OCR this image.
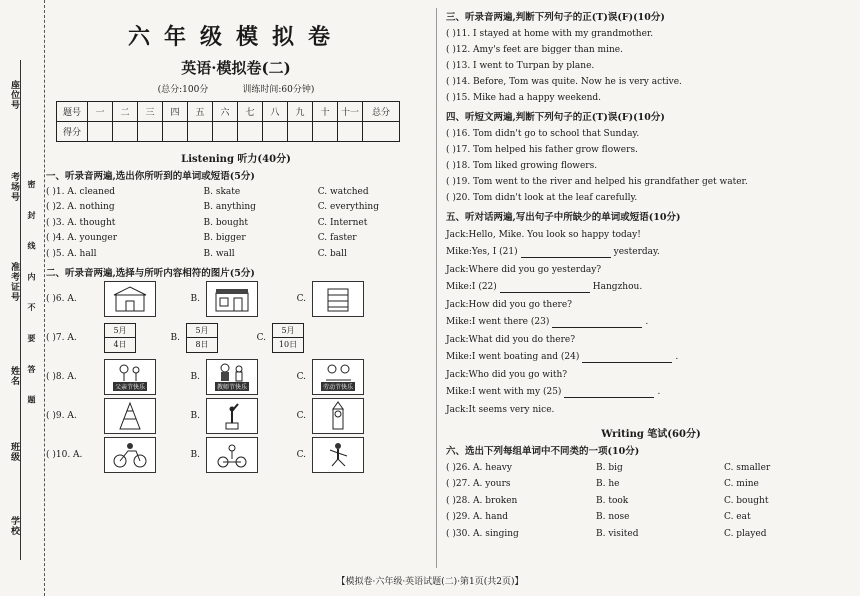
座位号
考场号
准考证号
姓名
班级
学校
密 封 线 内 不 要 答 题
六年级模拟卷
英语·模拟卷(二)
(总分:100分	训练时间:60分钟)
题号	一	二	三	四	五	六	七	八	九	十	十一	总分
得分												
Listening 听力(40分)
一、听录音两遍,选出你所听到的单词或短语(5分)
( )1. A. cleaned	B. skate	C. watched
( )2. A. nothing	B. anything	C. everything
( )3. A. thought	B. bought	C. Internet
( )4. A. younger	B. bigger	C. faster
( )5. A. hall	B. wall	C. ball
二、听录音两遍,选择与所听内容相符的图片(5分)
( )6. A.	B.	C.
( )7. A.
5月
4日
B.
5月
8日
C.
5月
10日
( )8. A.
父亲节快乐
B.
教师节快乐
C.
劳动节快乐
( )9. A.	B.	C.
( )10. A.	B.	C.
三、听录音两遍,判断下列句子的正(T)误(F)(10分)
( )11. I stayed at home with my grandmother.
( )12. Amy's feet are bigger than mine.
( )13. I went to Turpan by plane.
( )14. Before, Tom was quite. Now he is very active.
( )15. Mike had a happy weekend.
四、听短文两遍,判断下列句子的正(T)误(F)(10分)
( )16. Tom didn't go to school that Sunday.
( )17. Tom helped his father grow flowers.
( )18. Tom liked growing flowers.
( )19. Tom went to the river and helped his grandfather get water.
( )20. Tom didn't look at the leaf carefully.
五、听对话两遍,写出句子中所缺少的单词或短语(10分)
Jack:Hello, Mike. You look so happy today!
Mike:Yes, I (21)	yesterday.
Jack:Where did you go yesterday?
Mike:I (22)	Hangzhou.
Jack:How did you go there?
Mike:I went there (23)	.
Jack:What did you do there?
Mike:I went boating and (24)	.
Jack:Who did you go with?
Mike:I went with my (25)	.
Jack:It seems very nice.
Writing 笔试(60分)
六、选出下列每组单词中不同类的一项(10分)
( )26. A. heavy	B. big	C. smaller
( )27. A. yours	B. he	C. mine
( )28. A. broken	B. took	C. bought
( )29. A. hand	B. nose	C. eat
( )30. A. singing	B. visited	C. played
【模拟卷·六年级·英语试题(二)·第1页(共2页)】
